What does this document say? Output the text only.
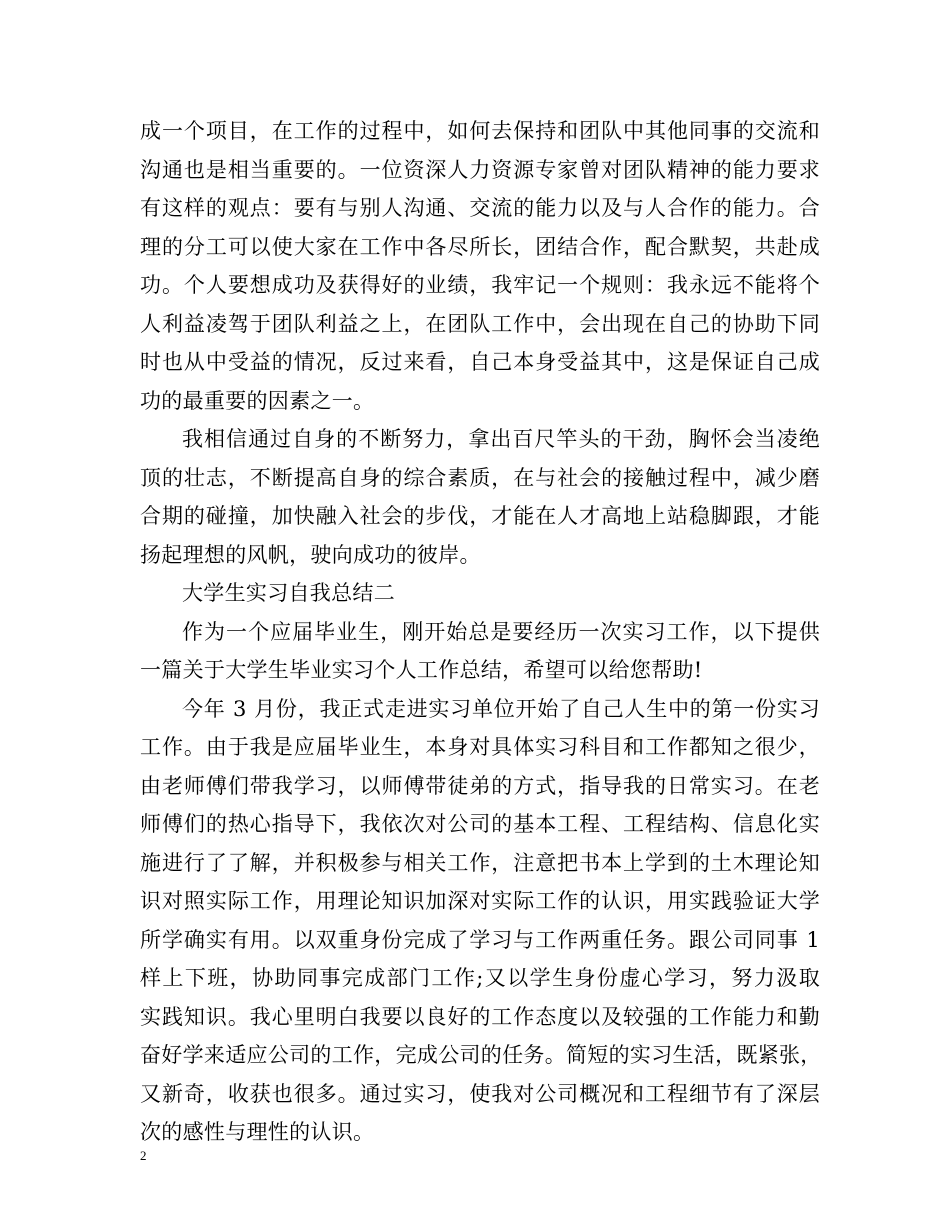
成一个项目，在工作的过程中，如何去保持和团队中其他同事的交流和
沟通也是相当重要的。一位资深人力资源专家曾对团队精神的能力要求
有这样的观点：要有与别人沟通、交流的能力以及与人合作的能力。合
理的分工可以使大家在工作中各尽所长，团结合作，配合默契，共赴成
功。个人要想成功及获得好的业绩，我牢记一个规则：我永远不能将个
人利益凌驾于团队利益之上，在团队工作中，会出现在自己的协助下同
时也从中受益的情况，反过来看，自己本身受益其中，这是保证自己成
功的最重要的因素之一。
我相信通过自身的不断努力，拿出百尺竿头的干劲，胸怀会当凌绝
顶的壮志，不断提高自身的综合素质，在与社会的接触过程中，减少磨
合期的碰撞，加快融入社会的步伐，才能在人才高地上站稳脚跟，才能
扬起理想的风帆，驶向成功的彼岸。
大学生实习自我总结二
作为一个应届毕业生，刚开始总是要经历一次实习工作，以下提供
一篇关于大学生毕业实习个人工作总结，希望可以给您帮助!
今年 3 月份，我正式走进实习单位开始了自己人生中的第一份实习
工作。由于我是应届毕业生，本身对具体实习科目和工作都知之很少，
由老师傅们带我学习，以师傅带徒弟的方式，指导我的日常实习。在老
师傅们的热心指导下，我依次对公司的基本工程、工程结构、信息化实
施进行了了解，并积极参与相关工作，注意把书本上学到的土木理论知
识对照实际工作，用理论知识加深对实际工作的认识，用实践验证大学
所学确实有用。以双重身份完成了学习与工作两重任务。跟公司同事 1
样上下班，协助同事完成部门工作;又以学生身份虚心学习，努力汲取
实践知识。我心里明白我要以良好的工作态度以及较强的工作能力和勤
奋好学来适应公司的工作，完成公司的任务。简短的实习生活，既紧张，
又新奇，收获也很多。通过实习，使我对公司概况和工程细节有了深层
次的感性与理性的认识。
2
